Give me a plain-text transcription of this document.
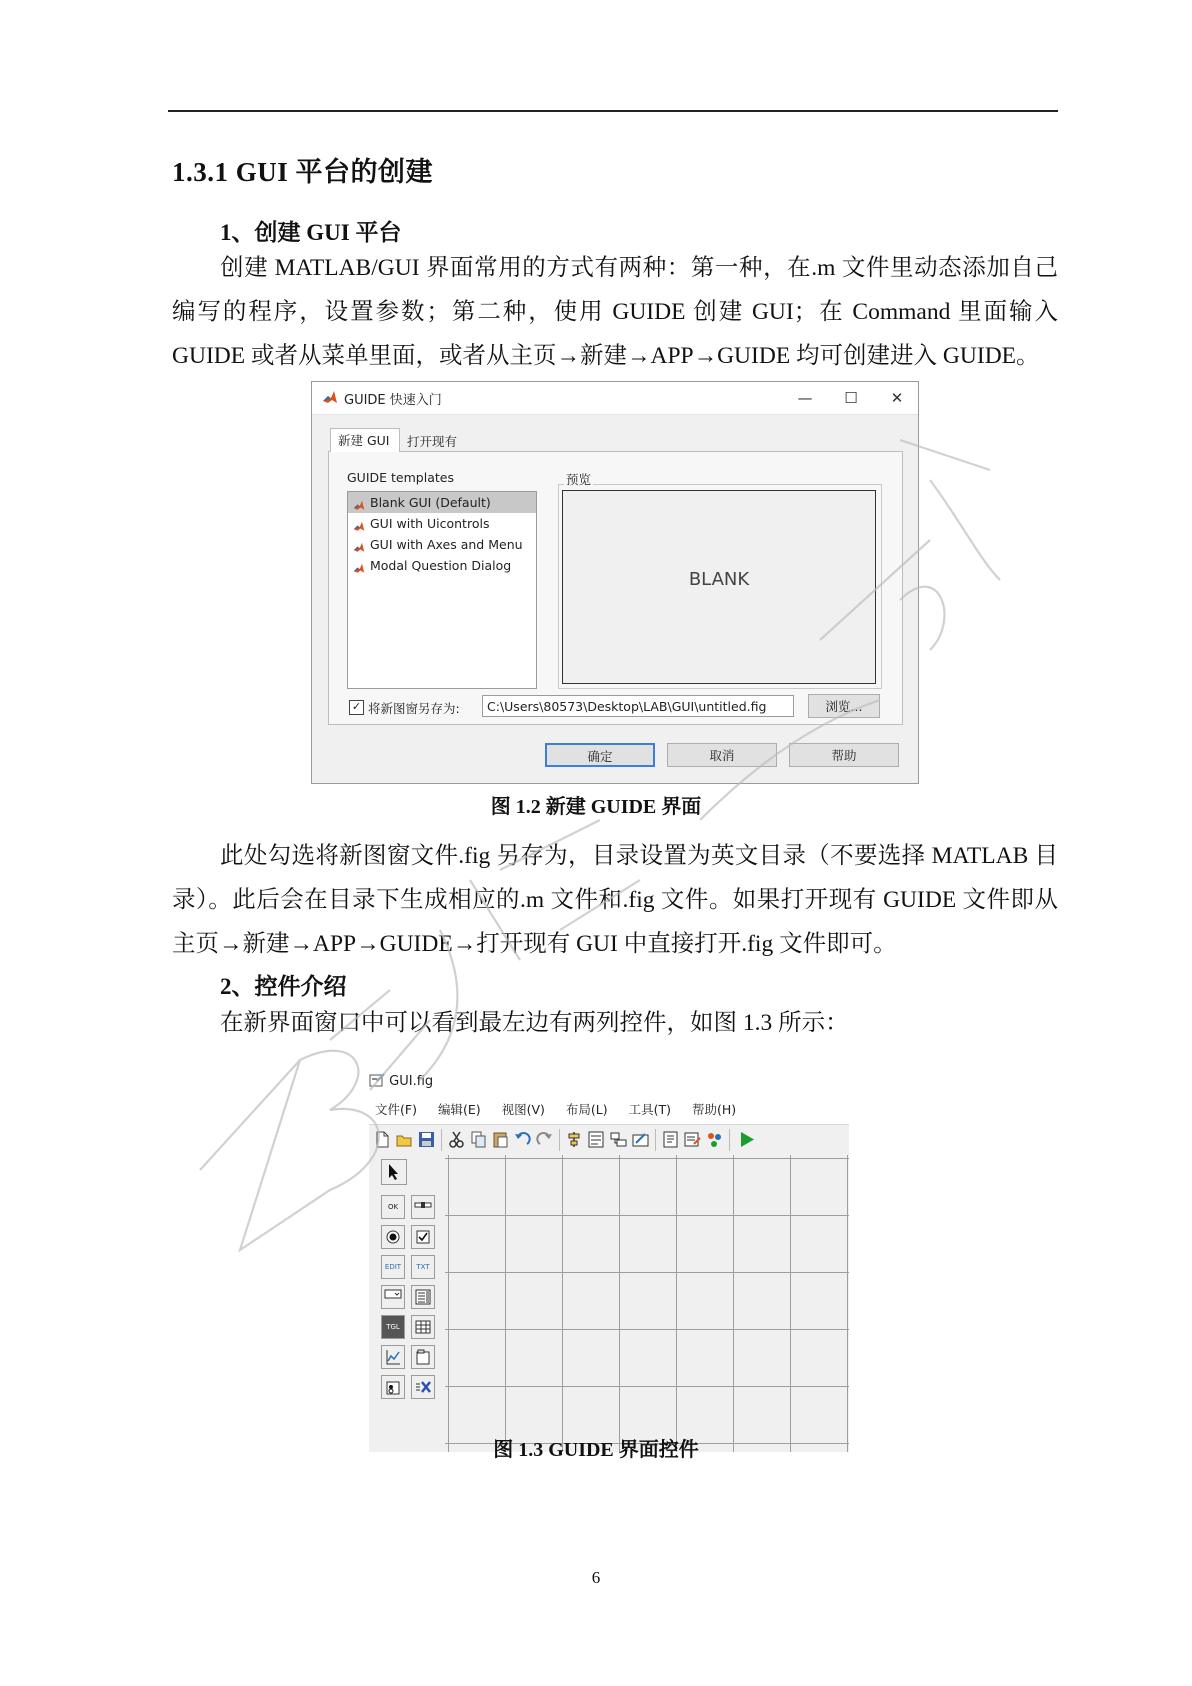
1.3.1 GUI 平台的创建
1、创建 GUI 平台

创建 MATLAB/GUI 界面常用的方式有两种：第一种，在.m 文件里动态添加自己编写的程序，设置参数；第二种，使用 GUIDE 创建 GUI；在 Command 里面输入 GUIDE 或者从菜单里面，或者从主页→新建→APP→GUIDE 均可创建进入 GUIDE。

GUIDE 快速入门	—	☐	✕
新建 GUI	打开现有
GUIDE templates
Blank GUI (Default)
GUI with Uicontrols
GUI with Axes and Menu
Modal Question Dialog
预览
BLANK
✓ 将新图窗另存为:	C:\Users\80573\Desktop\LAB\GUI\untitled.fig	浏览...
确定	取消	帮助
图 1.2 新建 GUIDE 界面

此处勾选将新图窗文件.fig 另存为，目录设置为英文目录（不要选择 MATLAB 目录）。此后会在目录下生成相应的.m 文件和.fig 文件。如果打开现有 GUIDE 文件即从主页→新建→APP→GUIDE→打开现有 GUI 中直接打开.fig 文件即可。

2、控件介绍

在新界面窗口中可以看到最左边有两列控件，如图 1.3 所示：

GUI.fig
文件(F) 编辑(E) 视图(V) 布局(L) 工具(T) 帮助(H)
OK
EDIT	TXT
TGL
图 1.3 GUIDE 界面控件
6
